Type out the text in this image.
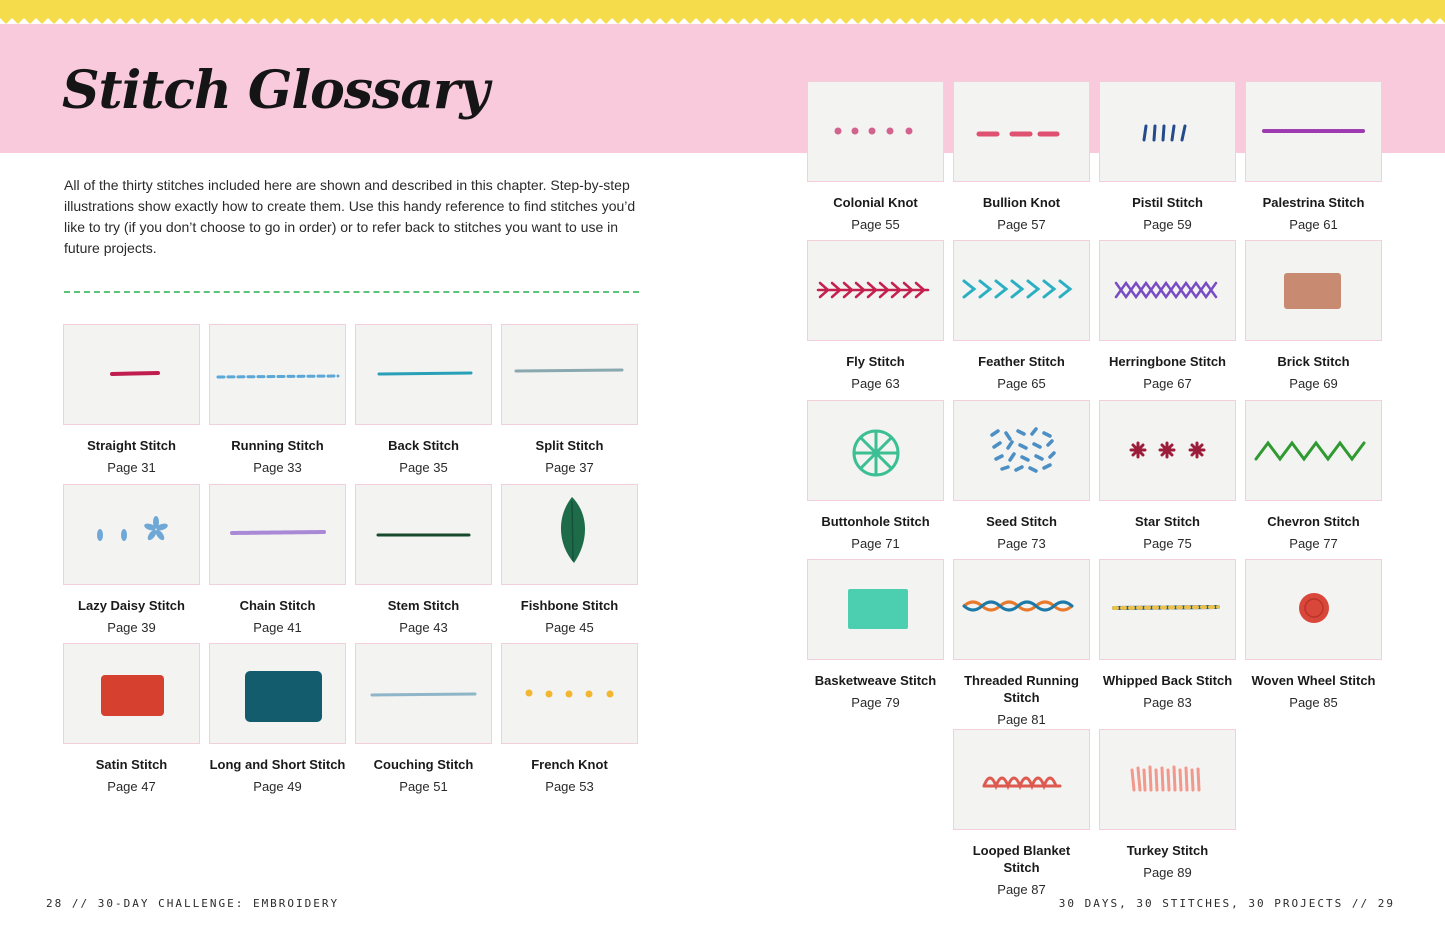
Stitch Glossary

All of the thirty stitches included here are shown and described in this chapter. Step-by-step illustrations show exactly how to create them. Use this handy reference to find stitches you’d like to try (if you don’t choose to go in order) or to refer back to stitches you want to use in future projects.

Straight Stitch
Page 31
Running Stitch
Page 33
Back Stitch
Page 35
Split Stitch
Page 37
Lazy Daisy Stitch
Page 39
Chain Stitch
Page 41
Stem Stitch
Page 43
Fishbone Stitch
Page 45
Satin Stitch
Page 47
Long and Short Stitch
Page 49
Couching Stitch
Page 51
French Knot
Page 53
Colonial Knot
Page 55
Bullion Knot
Page 57
Pistil Stitch
Page 59
Palestrina Stitch
Page 61
Fly Stitch
Page 63
Feather Stitch
Page 65
Herringbone Stitch
Page 67
Brick Stitch
Page 69
Buttonhole Stitch
Page 71
Seed Stitch
Page 73
Star Stitch
Page 75
Chevron Stitch
Page 77
Basketweave Stitch
Page 79
Threaded Running Stitch
Page 81
Whipped Back Stitch
Page 83
Woven Wheel Stitch
Page 85
Looped Blanket Stitch
Page 87
Turkey Stitch
Page 89
28 // 30-DAY CHALLENGE: EMBROIDERY	30 DAYS, 30 STITCHES, 30 PROJECTS // 29
